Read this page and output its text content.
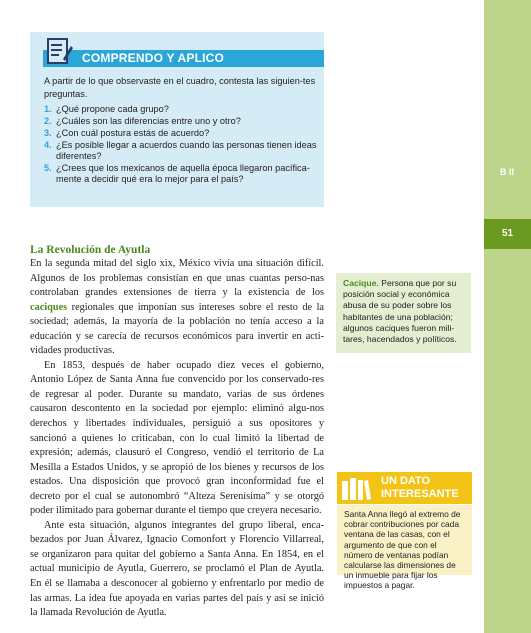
B II
51
COMPRENDO Y APLICO
A partir de lo que observaste en el cuadro, contesta las siguien-tes preguntas.
1. ¿Qué propone cada grupo?
2. ¿Cuáles son las diferencias entre uno y otro?
3. ¿Con cuál postura estás de acuerdo?
4. ¿Es posible llegar a acuerdos cuando las personas tienen ideas diferentes?
5. ¿Crees que los mexicanos de aquella época llegaron pacífica-mente a decidir qué era lo mejor para el país?
La Revolución de Ayutla

En la segunda mitad del siglo xix, México vivía una situación difícil. Algunos de los problemas consistían en que unas cuantas perso-nas controlaban grandes extensiones de tierra y la existencia de los caciques regionales que imponían sus intereses sobre el resto de la sociedad; además, la mayoría de la población no tenía acceso a la educación y se carecía de recursos económicos para invertir en acti-vidades productivas.

En 1853, después de haber ocupado diez veces el gobierno, Antonio López de Santa Anna fue convencido por los conservado-res de regresar al poder. Durante su mandato, varias de sus órdenes causaron descontento en la sociedad por ejemplo: eliminó algu-nos derechos y libertades individuales, persiguió a sus opositores y sancionó a quienes lo criticaban, con lo cual limitó la libertad de expresión; además, clausuró el Congreso, vendió el territorio de La Mesilla a Estados Unidos, y se apropió de los bienes y recursos de los estados. Una disposición que provocó gran inconformidad fue el decreto por el cual se autonombró “Alteza Serenísima” y se otorgó poder ilimitado para gobernar durante el tiempo que creyera necesario.

Ante esta situación, algunos integrantes del grupo liberal, enca-bezados por Juan Álvarez, Ignacio Comonfort y Florencio Villarreal, se organizaron para quitar del gobierno a Santa Anna. En 1854, en el actual municipio de Ayutla, Guerrero, se proclamó el Plan de Ayutla. En él se llamaba a desconocer al gobierno y enfrentarlo por medio de las armas. La idea fue apoyada en varias partes del país y así se inició la llamada Revolución de Ayutla.

Cacique. Persona que por su posición social y económica abusa de su poder sobre los habitantes de una población; algunos caciques fueron mili-tares, hacendados y políticos.
UN DATO
INTERESANTE
Santa Anna llegó al extremo de cobrar contribuciones por cada ventana de las casas, con el argumento de que con el número de ventanas podían calcularse las dimensiones de un inmueble para fijar los impuestos a pagar.
